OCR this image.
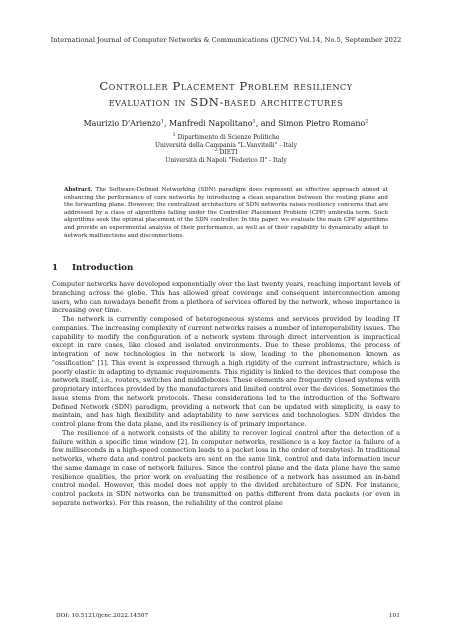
International Journal of Computer Networks & Communications (IJCNC) Vol.14, No.5, September 2022
Controller Placement Problem resiliency
evaluation in SDN-based architectures
Maurizio D'Arienzo$^1$, Manfredi Napolitano$^1$, and Simon Pietro Romano$^2$
$^1$ Dipartimento di Scienze Politiche
Università della Campania "L.Vanvitelli" - Italy
$^2$ DIETI
Università di Napoli "Federico II" - Italy
Abstract. The Software-Defined Networking (SDN) paradigm does represent an effective approach aimed at enhancing the performance of core networks by introducing a clean separation between the routing plane and the forwarding plane. However, the centralized architecture of SDN networks raises resiliency concerns that are addressed by a class of algorithms falling under the Controller Placement Problem (CPP) umbrella term. Such algorithms seek the optimal placement of the SDN controller. In this paper, we evaluate the main CPP algorithms and provide an experimental analysis of their performance, as well as of their capability to dynamically adapt to network malfunctions and disconnections.
1 Introduction

Computer networks have developed exponentially over the last twenty years, reaching important levels of branching across the globe. This has allowed great coverage and consequent interconnection among users, who can nowadays benefit from a plethora of services offered by the network, whose importance is increasing over time.

The network is currently composed of heterogeneous systems and services provided by leading IT companies. The increasing complexity of current networks raises a number of interoperability issues. The capability to modify the configuration of a network system through direct intervention is impractical except in rare cases, like closed and isolated environments. Due to these problems, the process of integration of new technologies in the network is slow, leading to the phenomenon known as "ossification" [1]. This event is expressed through a high rigidity of the current infrastructure, which is poorly elastic in adapting to dynamic requirements. This rigidity is linked to the devices that compose the network itself, i.e., routers, switches and middleboxes. These elements are frequently closed systems with proprietary interfaces provided by the manufacturers and limited control over the devices. Sometimes the issue stems from the network protocols. These considerations led to the introduction of the Software Defined Network (SDN) paradigm, providing a network that can be updated with simplicity, is easy to maintain, and has high flexibility and adaptability to new services and technologies. SDN divides the control plane from the data plane, and its resiliency is of primary importance.

The resilience of a network consists of the ability to recover logical control after the detection of a failure within a specific time window [2]. In computer networks, resilience is a key factor (a failure of a few milliseconds in a high-speed connection leads to a packet loss in the order of terabytes). In traditional networks, where data and control packets are sent on the same link, control and data information incur the same damage in case of network failures. Since the control plane and the data plane have the same resilience qualities, the prior work on evaluating the resilience of a network has assumed an in-band control model. However, this model does not apply to the divided architecture of SDN. For instance, control packets in SDN networks can be transmitted on paths different from data packets (or even in separate networks). For this reason, the reliability of the control plane

DOI: 10.5121/ijcnc.2022.14507	101
